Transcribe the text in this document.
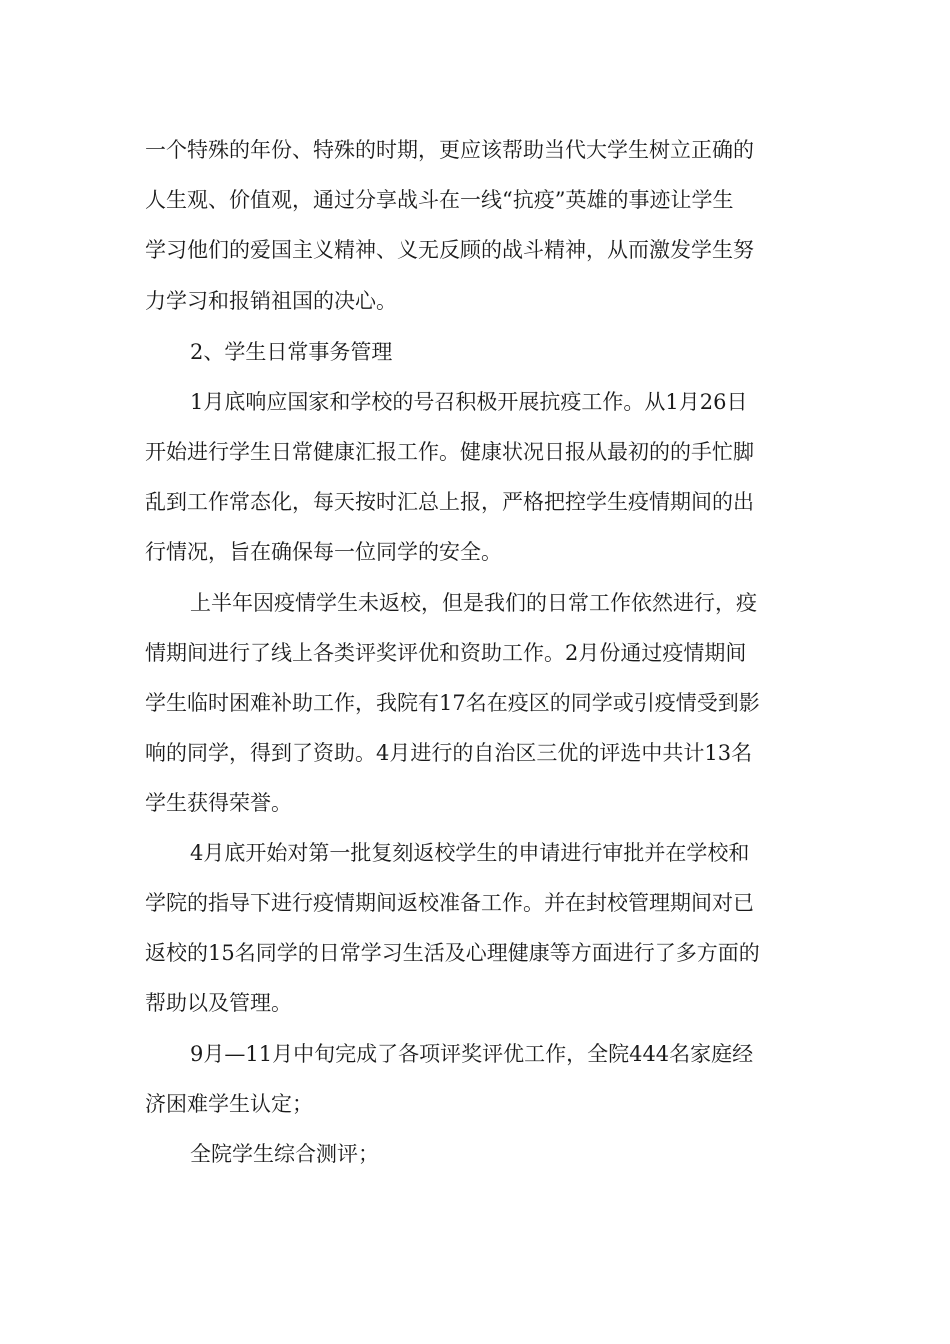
一个特殊的年份、特殊的时期，更应该帮助当代大学生树立正确的
人生观、价值观，通过分享战斗在一线“抗疫”英雄的事迹让学生
学习他们的爱国主义精神、义无反顾的战斗精神，从而激发学生努
力学习和报销祖国的决心。
2、学生日常事务管理
1月底响应国家和学校的号召积极开展抗疫工作。从1月26日
开始进行学生日常健康汇报工作。健康状况日报从最初的的手忙脚
乱到工作常态化，每天按时汇总上报，严格把控学生疫情期间的出
行情况，旨在确保每一位同学的安全。
上半年因疫情学生未返校，但是我们的日常工作依然进行，疫
情期间进行了线上各类评奖评优和资助工作。2月份通过疫情期间
学生临时困难补助工作，我院有17名在疫区的同学或引疫情受到影
响的同学，得到了资助。4月进行的自治区三优的评选中共计13名
学生获得荣誉。
4月底开始对第一批复刻返校学生的申请进行审批并在学校和
学院的指导下进行疫情期间返校准备工作。并在封校管理期间对已
返校的15名同学的日常学习生活及心理健康等方面进行了多方面的
帮助以及管理。
9月—11月中旬完成了各项评奖评优工作，全院444名家庭经
济困难学生认定；
全院学生综合测评；
